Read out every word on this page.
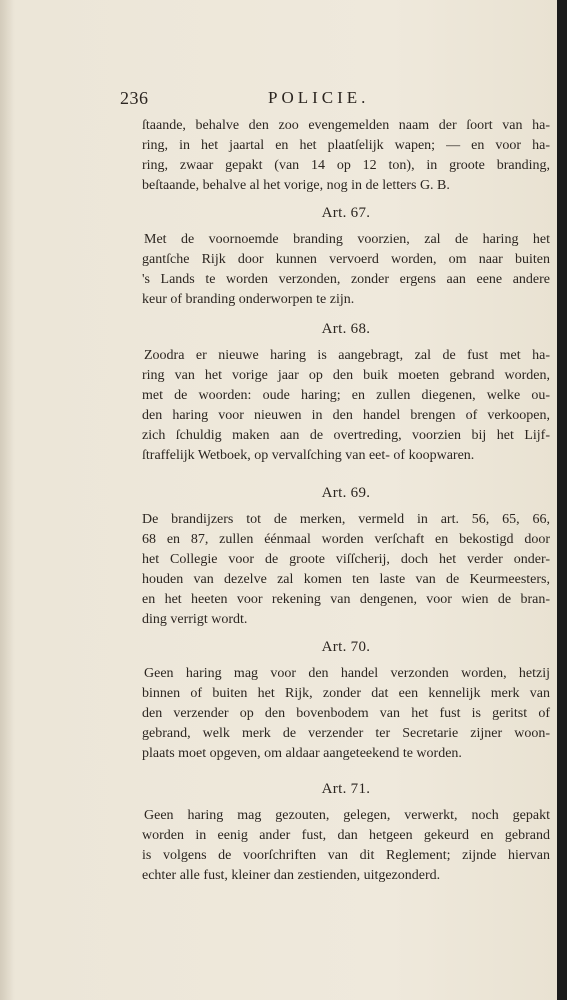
236	POLICIE.
ſtaande, behalve den zoo evengemelden naam der ſoort van ha-
ring, in het jaartal en het plaatſelijk wapen; — en voor ha-
ring, zwaar gepakt (van 14 op 12 ton), in groote branding,
beſtaande, behalve al het vorige, nog in de letters G. B.
Art. 67.
Met de voornoemde branding voorzien, zal de haring het
gantſche Rijk door kunnen vervoerd worden, om naar buiten
's Lands te worden verzonden, zonder ergens aan eene andere
keur of branding onderworpen te zijn.
Art. 68.
Zoodra er nieuwe haring is aangebragt, zal de fust met ha-
ring van het vorige jaar op den buik moeten gebrand worden,
met de woorden: oude haring; en zullen diegenen, welke ou-
den haring voor nieuwen in den handel brengen of verkoopen,
zich ſchuldig maken aan de overtreding, voorzien bij het Lijf-
ſtraffelijk Wetboek, op vervalſching van eet- of koopwaren.
Art. 69.
De brandijzers tot de merken, vermeld in art. 56, 65, 66,
68 en 87, zullen éénmaal worden verſchaft en bekostigd door
het Collegie voor de groote viſſcherij, doch het verder onder-
houden van dezelve zal komen ten laste van de Keurmeesters,
en het heeten voor rekening van dengenen, voor wien de bran-
ding verrigt wordt.
Art. 70.
Geen haring mag voor den handel verzonden worden, hetzij
binnen of buiten het Rijk, zonder dat een kennelijk merk van
den verzender op den bovenbodem van het fust is geritst of
gebrand, welk merk de verzender ter Secretarie zijner woon-
plaats moet opgeven, om aldaar aangeteekend te worden.
Art. 71.
Geen haring mag gezouten, gelegen, verwerkt, noch gepakt
worden in eenig ander fust, dan hetgeen gekeurd en gebrand
is volgens de voorſchriften van dit Reglement; zijnde hiervan
echter alle fust, kleiner dan zestienden, uitgezonderd.
